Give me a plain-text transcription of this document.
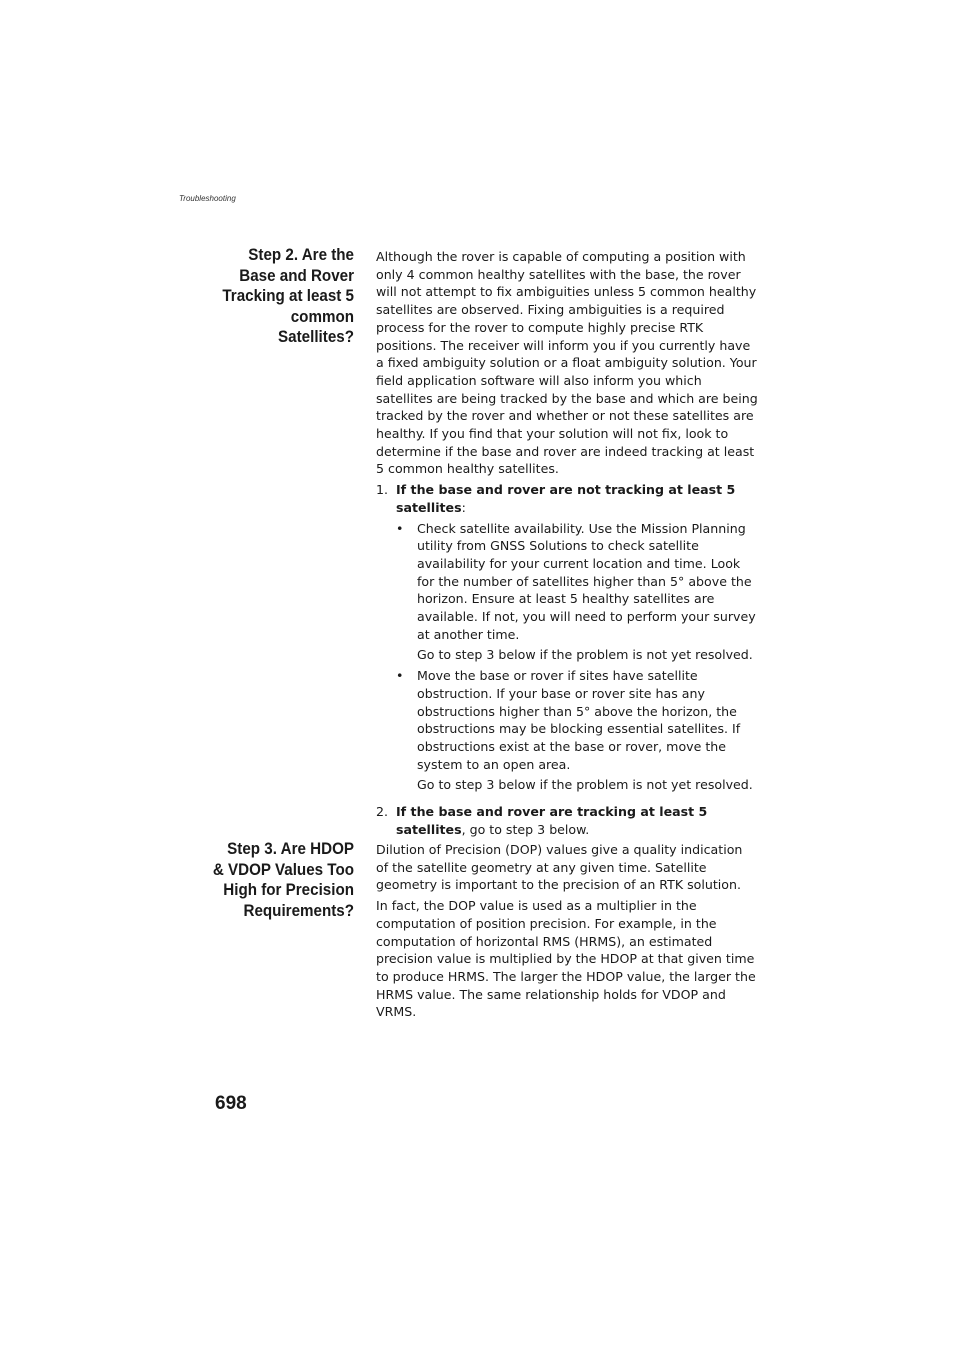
Troubleshooting
Step 2. Are the
Base and Rover
Tracking at least 5
common
Satellites?

Although the rover is capable of computing a position with only 4 common healthy satellites with the base, the rover will not attempt to fix ambiguities unless 5 common healthy satellites are observed. Fixing ambiguities is a required process for the rover to compute highly precise RTK positions. The receiver will inform you if you currently have a fixed ambiguity solution or a float ambiguity solution. Your field application software will also inform you which satellites are being tracked by the base and which are being tracked by the rover and whether or not these satellites are healthy. If you find that your solution will not fix, look to determine if the base and rover are indeed tracking at least 5 common healthy satellites.

1. If the base and rover are not tracking at least 5 satellites:
• Check satellite availability. Use the Mission Planning utility from GNSS Solutions to check satellite availability for your current location and time. Look for the number of satellites higher than 5° above the horizon. Ensure at least 5 healthy satellites are available. If not, you will need to perform your survey at another time.

Go to step 3 below if the problem is not yet resolved.

• Move the base or rover if sites have satellite obstruction. If your base or rover site has any obstructions higher than 5° above the horizon, the obstructions may be blocking essential satellites. If obstructions exist at the base or rover, move the system to an open area.

Go to step 3 below if the problem is not yet resolved.

2. If the base and rover are tracking at least 5 satellites, go to step 3 below.
Step 3. Are HDOP
& VDOP Values Too
High for Precision
Requirements?

Dilution of Precision (DOP) values give a quality indication of the satellite geometry at any given time. Satellite geometry is important to the precision of an RTK solution.

In fact, the DOP value is used as a multiplier in the computation of position precision. For example, in the computation of horizontal RMS (HRMS), an estimated precision value is multiplied by the HDOP at that given time to produce HRMS. The larger the HDOP value, the larger the HRMS value. The same relationship holds for VDOP and VRMS.

698
